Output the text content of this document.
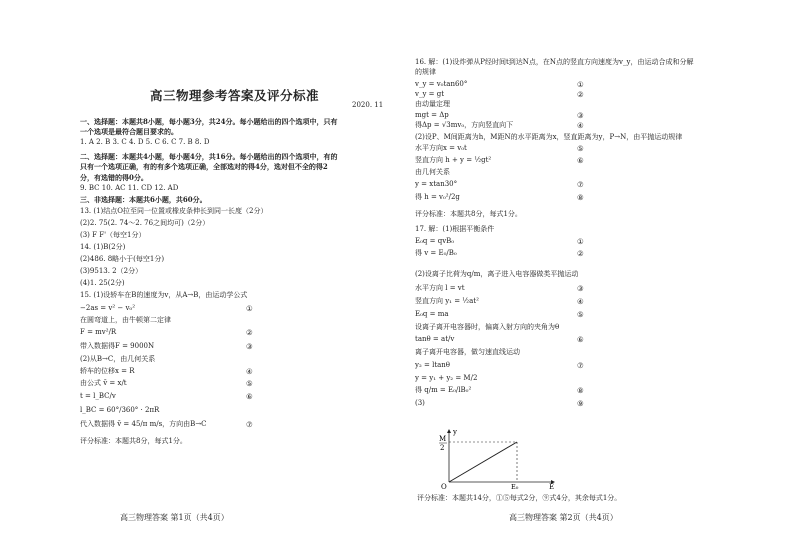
高三物理参考答案及评分标准
2020. 11
一、选择题：本题共8小题，每小题3分，共24分。每小题给出的四个选项中，只有
一个选项是最符合题目要求的。
1. A 2. B 3. C 4. D 5. C 6. C 7. B 8. D
二、选择题：本题共4小题，每小题4分，共16分。每小题给出的四个选项中，有的
只有一个选项正确，有的有多个选项正确，全部选对的得4分，选对但不全的得2
分，有选错的得0分。
9. BC 10. AC 11. CD 12. AD
三、非选择题：本题共6小题，共60分。
13. (1)结点O拉至同一位置或橡皮条伸长到同一长度（2分）
(2)2. 75(2. 74～2. 76之间均可)（2分）
(3) F F'（每空1分）
14. (1)B(2分)
(2)486. 8略小于(每空1分)
(3)9513. 2（2分）
(4)1. 25(2分)
15. (1)设轿车在B的速度为v，从A→B，由运动学公式
−2as = v² − v₀²
在圆弯道上，由牛顿第二定律
F = mv²/R
带入数据得F = 9000N
(2)从B→C，由几何关系
轿车的位移x = R
由公式 v̄ = x/t
t = l_BC/v
l_BC = 60°/360° · 2πR
代入数据得 v̄ = 45/π m/s，方向由B→C
评分标准：本题共8分，每式1分。
①
②
③
④
⑤
⑥
⑦
高三物理答案 第1页（共4页）
16. 解：(1)设炸弹从P经时间t到达N点，在N点的竖直方向速度为v_y，由运动合成和分解
的规律
v_y = v₀tan60°
v_y = gt
由动量定理
mgt = Δp
得Δp = √3mv₀，方向竖直向下
(2)设P、M间距离为h，M距N的水平距离为x，竖直距离为y，P→N，由平抛运动规律
水平方向x = v₀t
竖直方向 h + y = ½gt²
由几何关系
y = xtan30°
得 h = v₀²/2g
评分标准：本题共8分，每式1分。
17. 解：(1)根据平衡条件
E₀q = qvB₀
得 v = E₀/B₀
(2)设离子比荷为q/m，离子进入电容器做类平抛运动
水平方向 l = vt
竖直方向 y₁ = ½at²
E₀q = ma
设离子离开电容器时，偏离入射方向的夹角为θ
tanθ = at/v
离子离开电容器，做匀速直线运动
y₂ = ltanθ
y = y₁ + y₂ = M/2
得 q/m = E₀/lB₀²
(3)
①
②
③
④
⑤
⑥
⑦
⑧
①
②
③
④
⑤
⑥
⑦
⑧
⑨
y
M
2
O	E₀	E
评分标准：本题共14分，①⑤每式2分，⑨式4分，其余每式1分。
高三物理答案 第2页（共4页）
